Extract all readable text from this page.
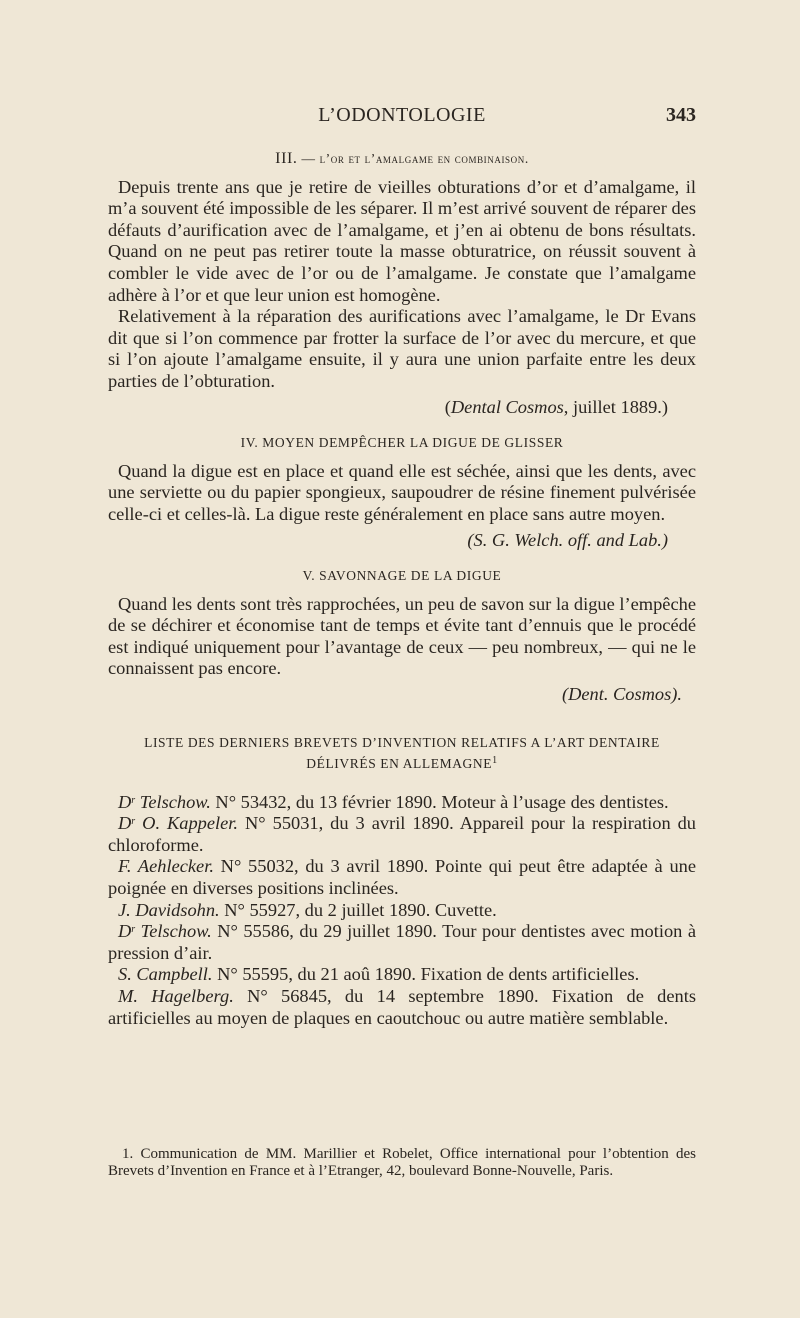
L’ODONTOLOGIE	343
III. — l’or et l’amalgame en combinaison.

Depuis trente ans que je retire de vieilles obturations d’or et d’amalgame, il m’a souvent été impossible de les séparer. Il m’est arrivé souvent de réparer des défauts d’aurification avec de l’amalgame, et j’en ai obtenu de bons résultats. Quand on ne peut pas retirer toute la masse obturatrice, on réussit souvent à combler le vide avec de l’or ou de l’amalgame. Je constate que l’amalgame adhère à l’or et que leur union est homogène.

Relativement à la réparation des aurifications avec l’amalgame, le Dr Evans dit que si l’on commence par frotter la surface de l’or avec du mercure, et que si l’on ajoute l’amalgame ensuite, il y aura une union parfaite entre les deux parties de l’obturation.

(Dental Cosmos, juillet 1889.)
IV. MOYEN DEMPÊCHER LA DIGUE DE GLISSER

Quand la digue est en place et quand elle est séchée, ainsi que les dents, avec une serviette ou du papier spongieux, saupoudrer de résine finement pulvérisée celle-ci et celles-là. La digue reste généralement en place sans autre moyen.

(S. G. Welch. off. and Lab.)
V. SAVONNAGE DE LA DIGUE

Quand les dents sont très rapprochées, un peu de savon sur la digue l’empêche de se déchirer et économise tant de temps et évite tant d’ennuis que le procédé est indiqué uniquement pour l’avantage de ceux — peu nombreux, — qui ne le connaissent pas encore.

(Dent. Cosmos).
LISTE DES DERNIERS BREVETS D’INVENTION RELATIFS A L’ART DENTAIRE
DÉLIVRÉS EN ALLEMAGNE$^1$

$D^r$ Telschow. N° 53432, du 13 février 1890. Moteur à l’usage des dentistes.

$D^r$ O. Kappeler. N° 55031, du 3 avril 1890. Appareil pour la respiration du chloroforme.

F. Aehlecker. N° 55032, du 3 avril 1890. Pointe qui peut être adaptée à une poignée en diverses positions inclinées.

J. Davidsohn. N° 55927, du 2 juillet 1890. Cuvette.

$D^r$ Telschow. N° 55586, du 29 juillet 1890. Tour pour dentistes avec motion à pression d’air.

S. Campbell. N° 55595, du 21 aoû 1890. Fixation de dents artificielles.

M. Hagelberg. N° 56845, du 14 septembre 1890. Fixation de dents artificielles au moyen de plaques en caoutchouc ou autre matière semblable.

1. Communication de MM. Marillier et Robelet, Office international pour l’obtention des Brevets d’Invention en France et à l’Etranger, 42, boulevard Bonne-Nouvelle, Paris.
